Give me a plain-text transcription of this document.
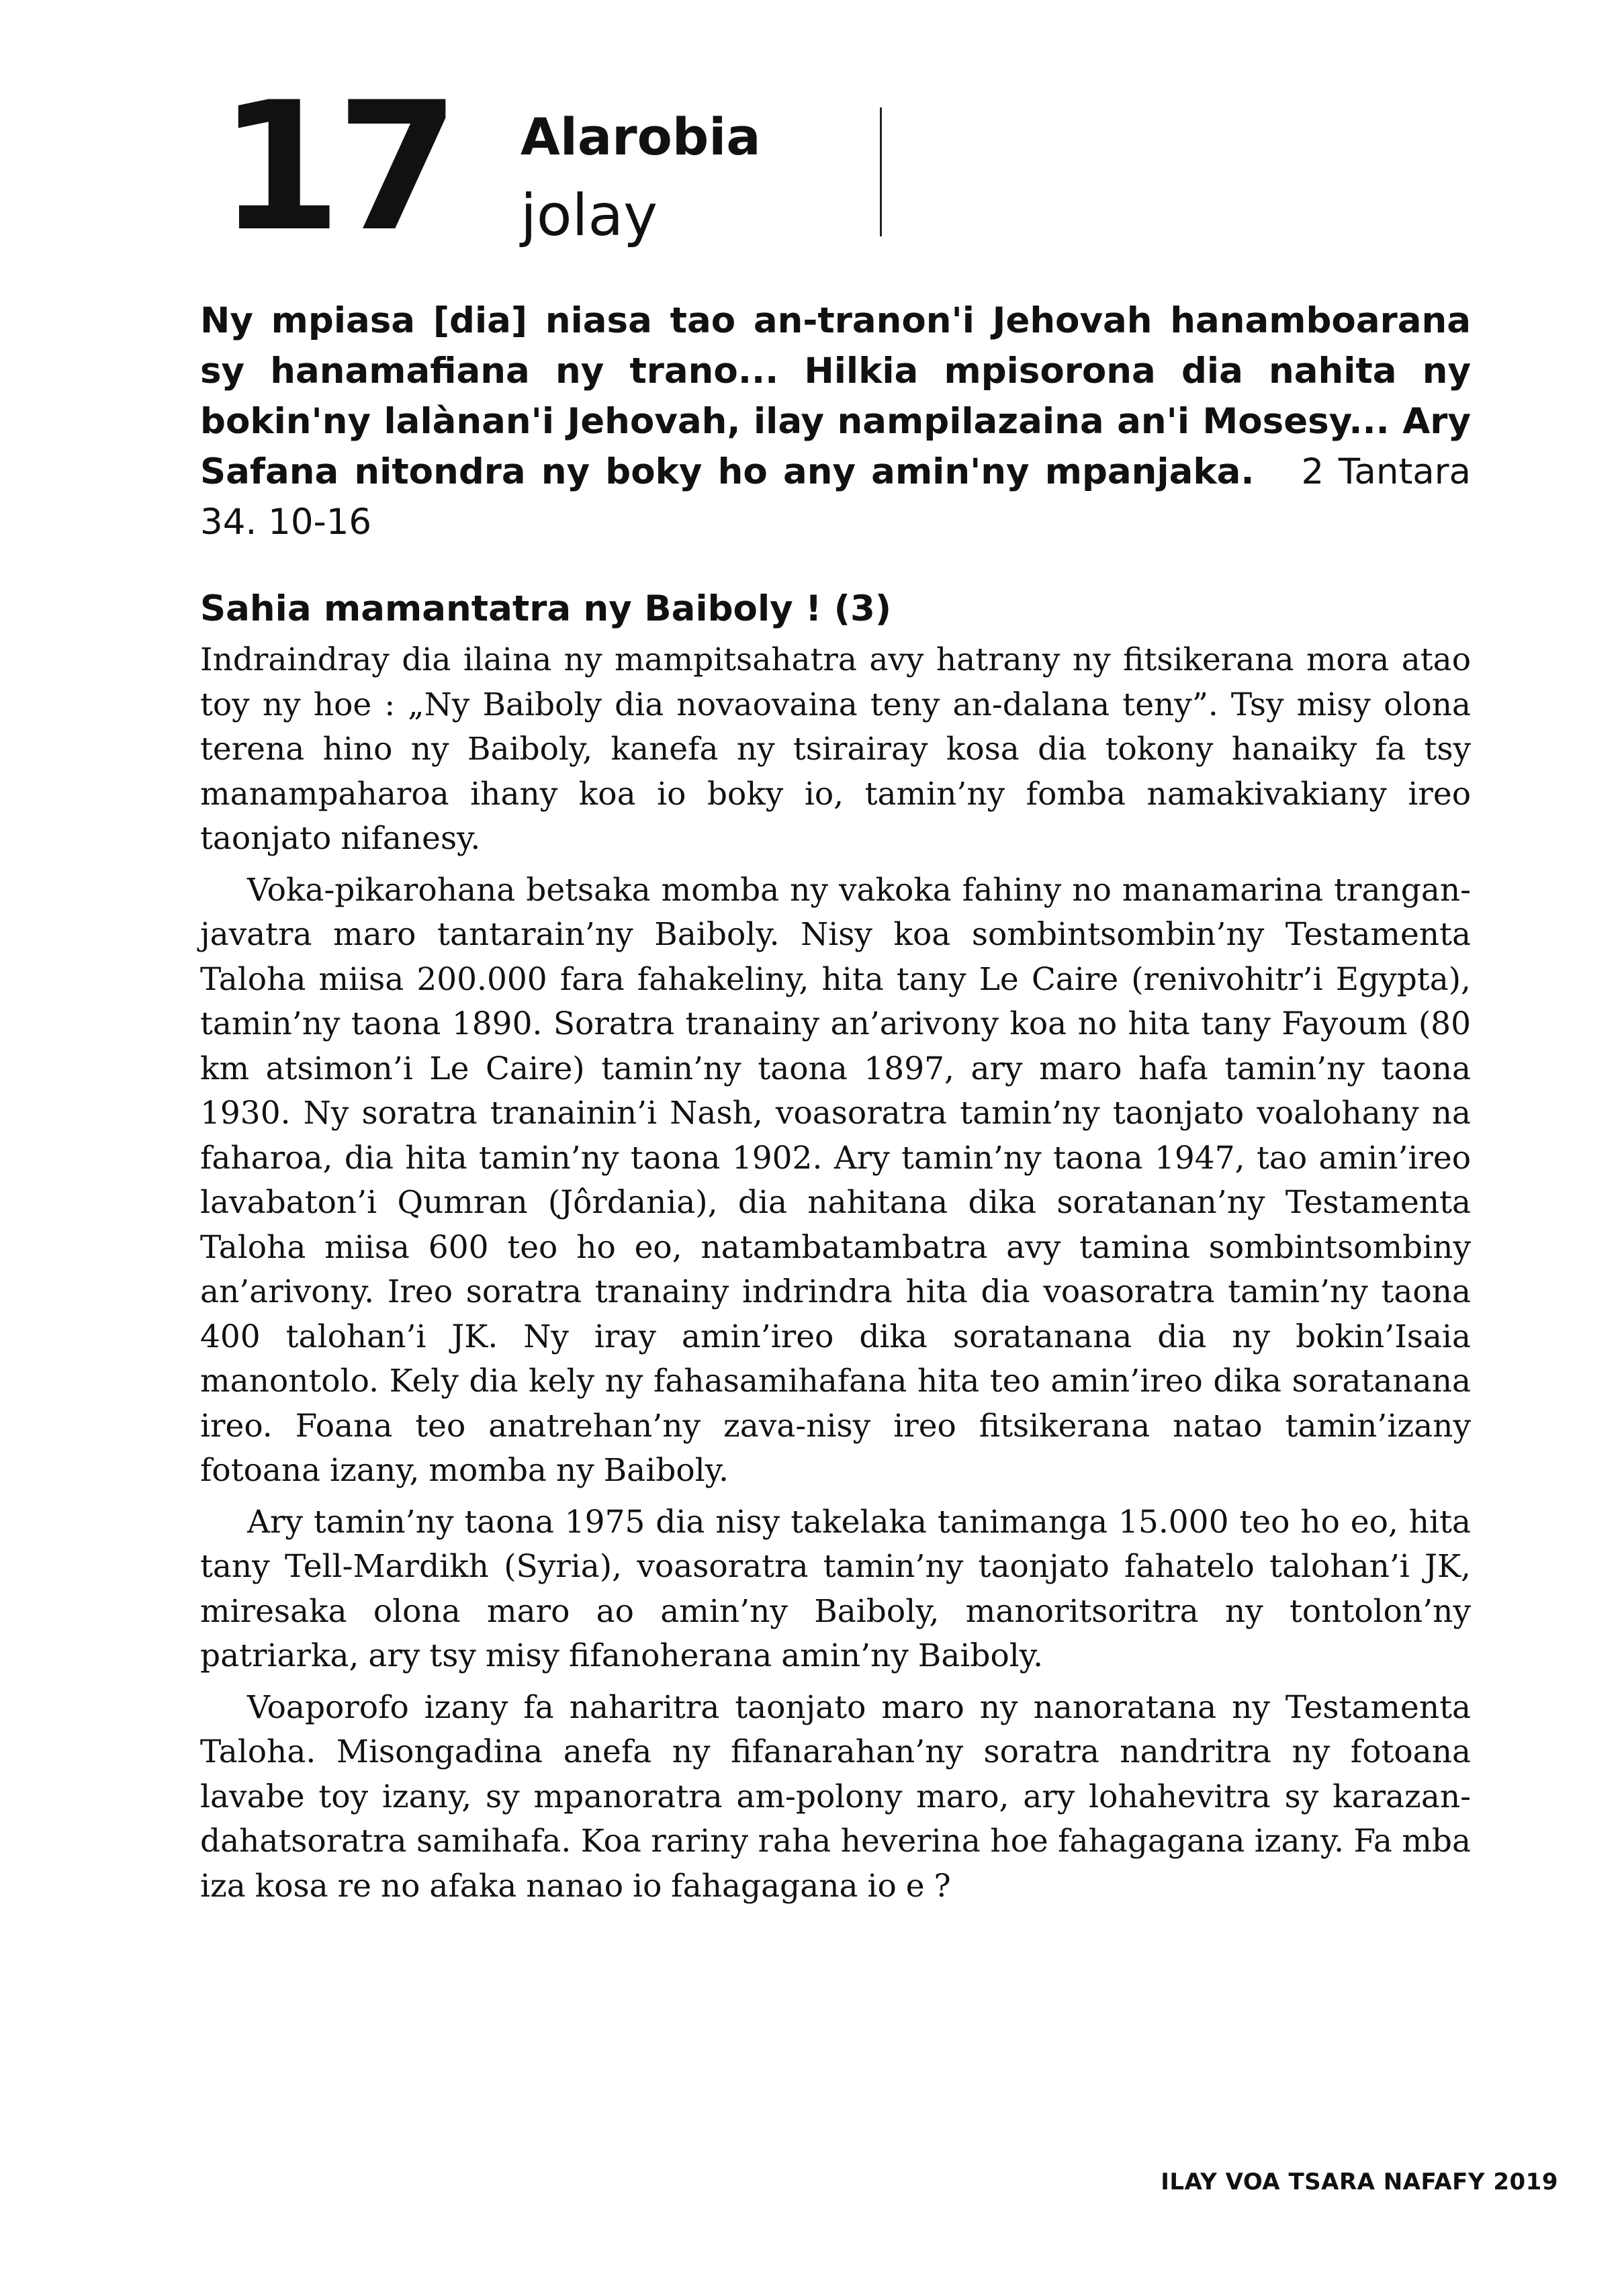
17 Alarobia
jolay

Ny mpiasa [dia] niasa tao an-tranon'i Jehovah hanamboarana sy hanamafiana ny trano... Hilkia mpisorona dia nahita ny bokin'ny lalànan'i Jehovah, ilay nampilazaina an'i Mosesy... Ary Safana nitondra ny boky ho any amin'ny mpanjaka. 2 Tantara 34. 10-16

Sahia mamantatra ny Baiboly ! (3)

Indraindray dia ilaina ny mampitsahatra avy hatrany ny fitsikerana mora atao toy ny hoe : „Ny Baiboly dia novaovaina teny an-dalana teny”. Tsy misy olona terena hino ny Baiboly, kanefa ny tsirairay kosa dia tokony hanaiky fa tsy manampaharoa ihany koa io boky io, tamin’ny fomba namakivakiany ireo taonjato nifanesy.

Voka-pikarohana betsaka momba ny vakoka fahiny no manamarina trangan-javatra maro tantarain’ny Baiboly. Nisy koa sombintsombin’ny Testamenta Taloha miisa 200.000 fara fahakeliny, hita tany Le Caire (renivohitr’i Egypta), tamin’ny taona 1890. Soratra tranainy an’arivony koa no hita tany Fayoum (80 km atsimon’i Le Caire) tamin’ny taona 1897, ary maro hafa tamin’ny taona 1930. Ny soratra tranainin’i Nash, voasoratra tamin’ny taonjato voalohany na faharoa, dia hita tamin’ny taona 1902. Ary tamin’ny taona 1947, tao amin’ireo lavabaton’i Qumran (Jôrdania), dia nahitana dika soratanan’ny Testamenta Taloha miisa 600 teo ho eo, natambatambatra avy tamina sombintsombiny an’arivony. Ireo soratra tranainy indrindra hita dia voasoratra tamin’ny taona 400 talohan’i JK. Ny iray amin’ireo dika soratanana dia ny bokin’Isaia manontolo. Kely dia kely ny fahasamihafana hita teo amin’ireo dika soratanana ireo. Foana teo anatrehan’ny zava-nisy ireo fitsikerana natao tamin’izany fotoana izany, momba ny Baiboly.

Ary tamin’ny taona 1975 dia nisy takelaka tanimanga 15.000 teo ho eo, hita tany Tell-Mardikh (Syria), voasoratra tamin’ny taonjato fahatelo talohan’i JK, miresaka olona maro ao amin’ny Baiboly, manoritsoritra ny tontolon’ny patriarka, ary tsy misy fifanoherana amin’ny Baiboly.

Voaporofo izany fa naharitra taonjato maro ny nanoratana ny Testamenta Taloha. Misongadina anefa ny fifanarahan’ny soratra nandritra ny fotoana lavabe toy izany, sy mpanoratra am-polony maro, ary lohahevitra sy karazan-dahatsoratra samihafa. Koa rariny raha heverina hoe fahagagana izany. Fa mba iza kosa re no afaka nanao io fahagagana io e ?

ILAY VOA TSARA NAFAFY 2019
